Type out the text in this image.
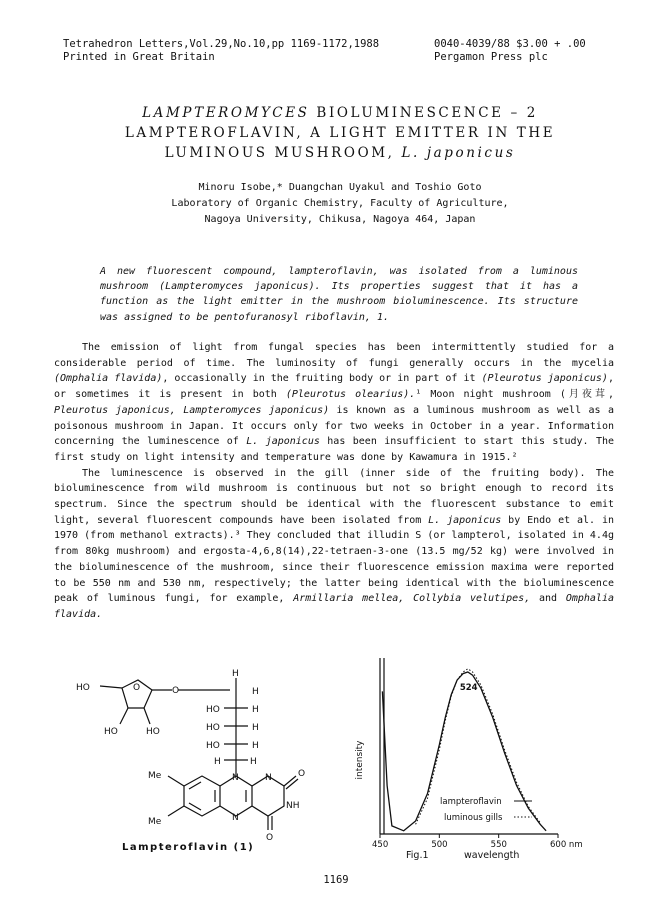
Tetrahedron Letters,Vol.29,No.10,pp 1169-1172,1988
Printed in Great Britain
0040-4039/88 $3.00 + .00
Pergamon Press plc
LAMPTEROMYCES BIOLUMINESCENCE – 2
LAMPTEROFLAVIN, A LIGHT EMITTER IN THE
LUMINOUS MUSHROOM, L. japonicus
Minoru Isobe,* Duangchan Uyakul and Toshio Goto
Laboratory of Organic Chemistry, Faculty of Agriculture,
Nagoya University, Chikusa, Nagoya 464, Japan
A new fluorescent compound, lampteroflavin, was isolated from a luminous mushroom (Lampteromyces japonicus). Its properties suggest that it has a function as the light emitter in the mushroom bioluminescence. Its structure was assigned to be pentofuranosyl riboflavin, 1.

The emission of light from fungal species has been intermittently studied for a considerable period of time. The luminosity of fungi generally occurs in the mycelia (Omphalia flavida), occasionally in the fruiting body or in part of it (Pleurotus japonicus), or sometimes it is present in both (Pleurotus olearius).¹ Moon night mushroom (月夜茸, Pleurotus japonicus, Lampteromyces japonicus) is known as a luminous mushroom as well as a poisonous mushroom in Japan. It occurs only for two weeks in October in a year. Information concerning the luminescence of L. japonicus has been insufficient to start this study. The first study on light intensity and temperature was done by Kawamura in 1915.²

The luminescence is observed in the gill (inner side of the fruiting body). The bioluminescence from wild mushroom is continuous but not so bright enough to record its spectrum. Since the spectrum should be identical with the fluorescent substance to emit light, several fluorescent compounds have been isolated from L. japonicus by Endo et al. in 1970 (from methanol extracts).³ They concluded that illudin S (or lampterol, isolated in 4.4g from 80kg mushroom) and ergosta-4,6,8(14),22-tetraen-3-one (13.5 mg/52 kg) were involved in the bioluminescence of the mushroom, since their fluorescence emission maxima were reported to be 550 nm and 530 nm, respectively; the latter being identical with the bioluminescence peak of luminous fungi, for example, Armillaria mellea, Collybia velutipes, and Omphalia flavida.

HO	O	O
HO	HO
H
H
HO	H
HO	H
HO	H
H	H
Me
Me
N
N
N
NH
O
O
Lampteroflavin (1)	450	500	550	600 nm
intensity
wavelength
Fig.1
524
lampteroflavin
luminous gills
1169
